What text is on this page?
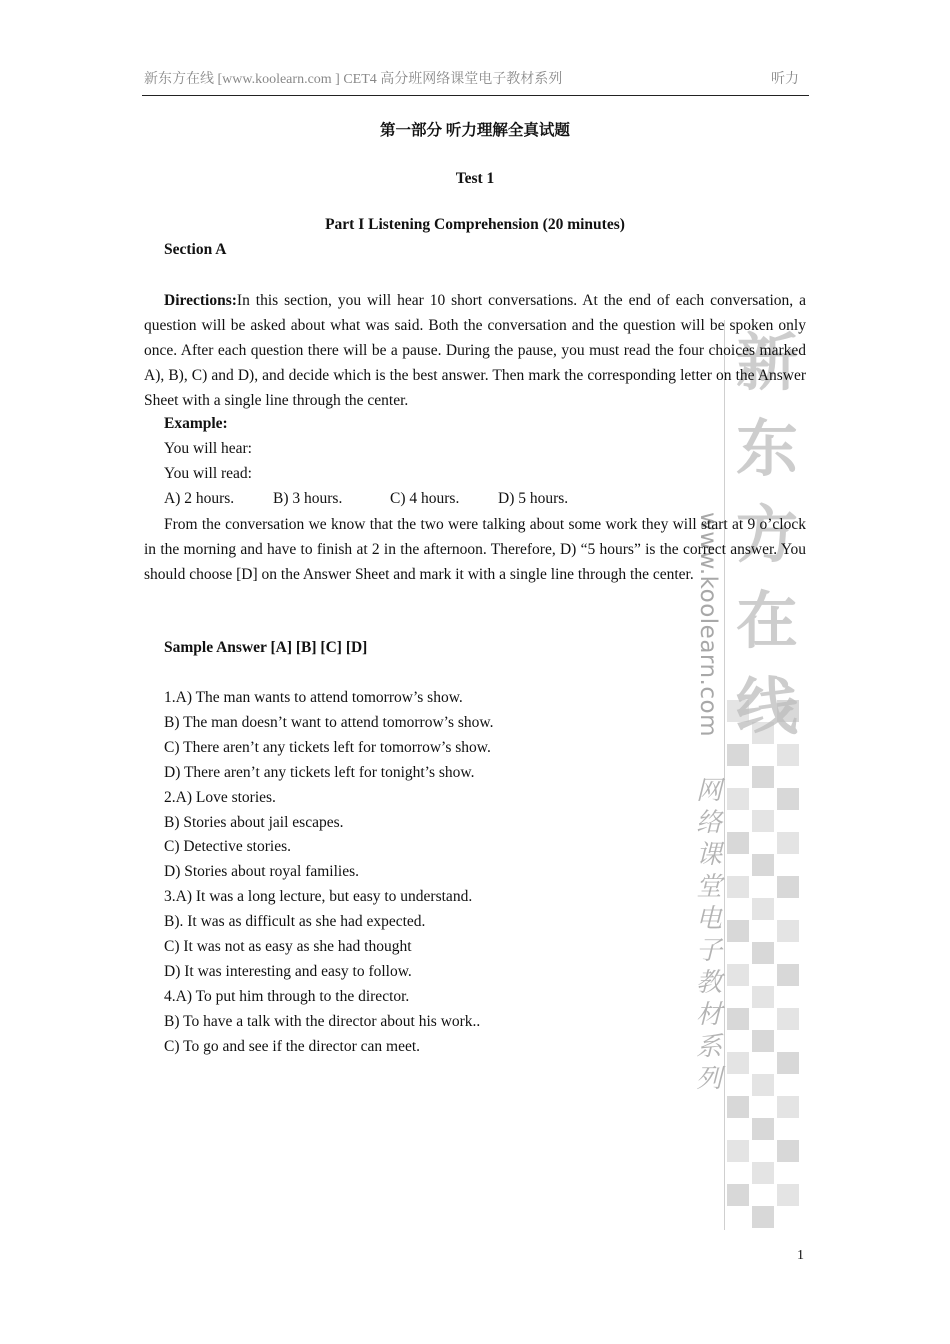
新东方在线 [www.koolearn.com ] CET4 高分班网络课堂电子教材系列	听力
新
东
方
在
线
www.koolearn.com
网
络
课
堂
电
子
教
材
系
列
第一部分 听力理解全真试题
Test 1
Part I Listening Comprehension (20 minutes)
Section A
Directions:In this section, you will hear 10 short conversations. At the end of each conversation, a question will be asked about what was said. Both the conversation and the question will be spoken only once. After each question there will be a pause. During the pause, you must read the four choices marked A), B), C) and D), and decide which is the best answer. Then mark the corresponding letter on the Answer Sheet with a single line through the center.
Example:
You will hear:
You will read:
A) 2 hours.	B) 3 hours.	C) 4 hours. D) 5 hours.
From the conversation we know that the two were talking about some work they will start at 9 o’clock in the morning and have to finish at 2 in the afternoon. Therefore, D) “5 hours” is the correct answer. You should choose [D] on the Answer Sheet and mark it with a single line through the center.
Sample Answer [A] [B] [C] [D]
1.A) The man wants to attend tomorrow’s show.
B) The man doesn’t want to attend tomorrow’s show.
C) There aren’t any tickets left for tomorrow’s show.
D) There aren’t any tickets left for tonight’s show.
2.A) Love stories.
B) Stories about jail escapes.
C) Detective stories.
D) Stories about royal families.
3.A) It was a long lecture, but easy to understand.
B). It was as difficult as she had expected.
C) It was not as easy as she had thought
D) It was interesting and easy to follow.
4.A) To put him through to the director.
B) To have a talk with the director about his work..
C) To go and see if the director can meet.
1
